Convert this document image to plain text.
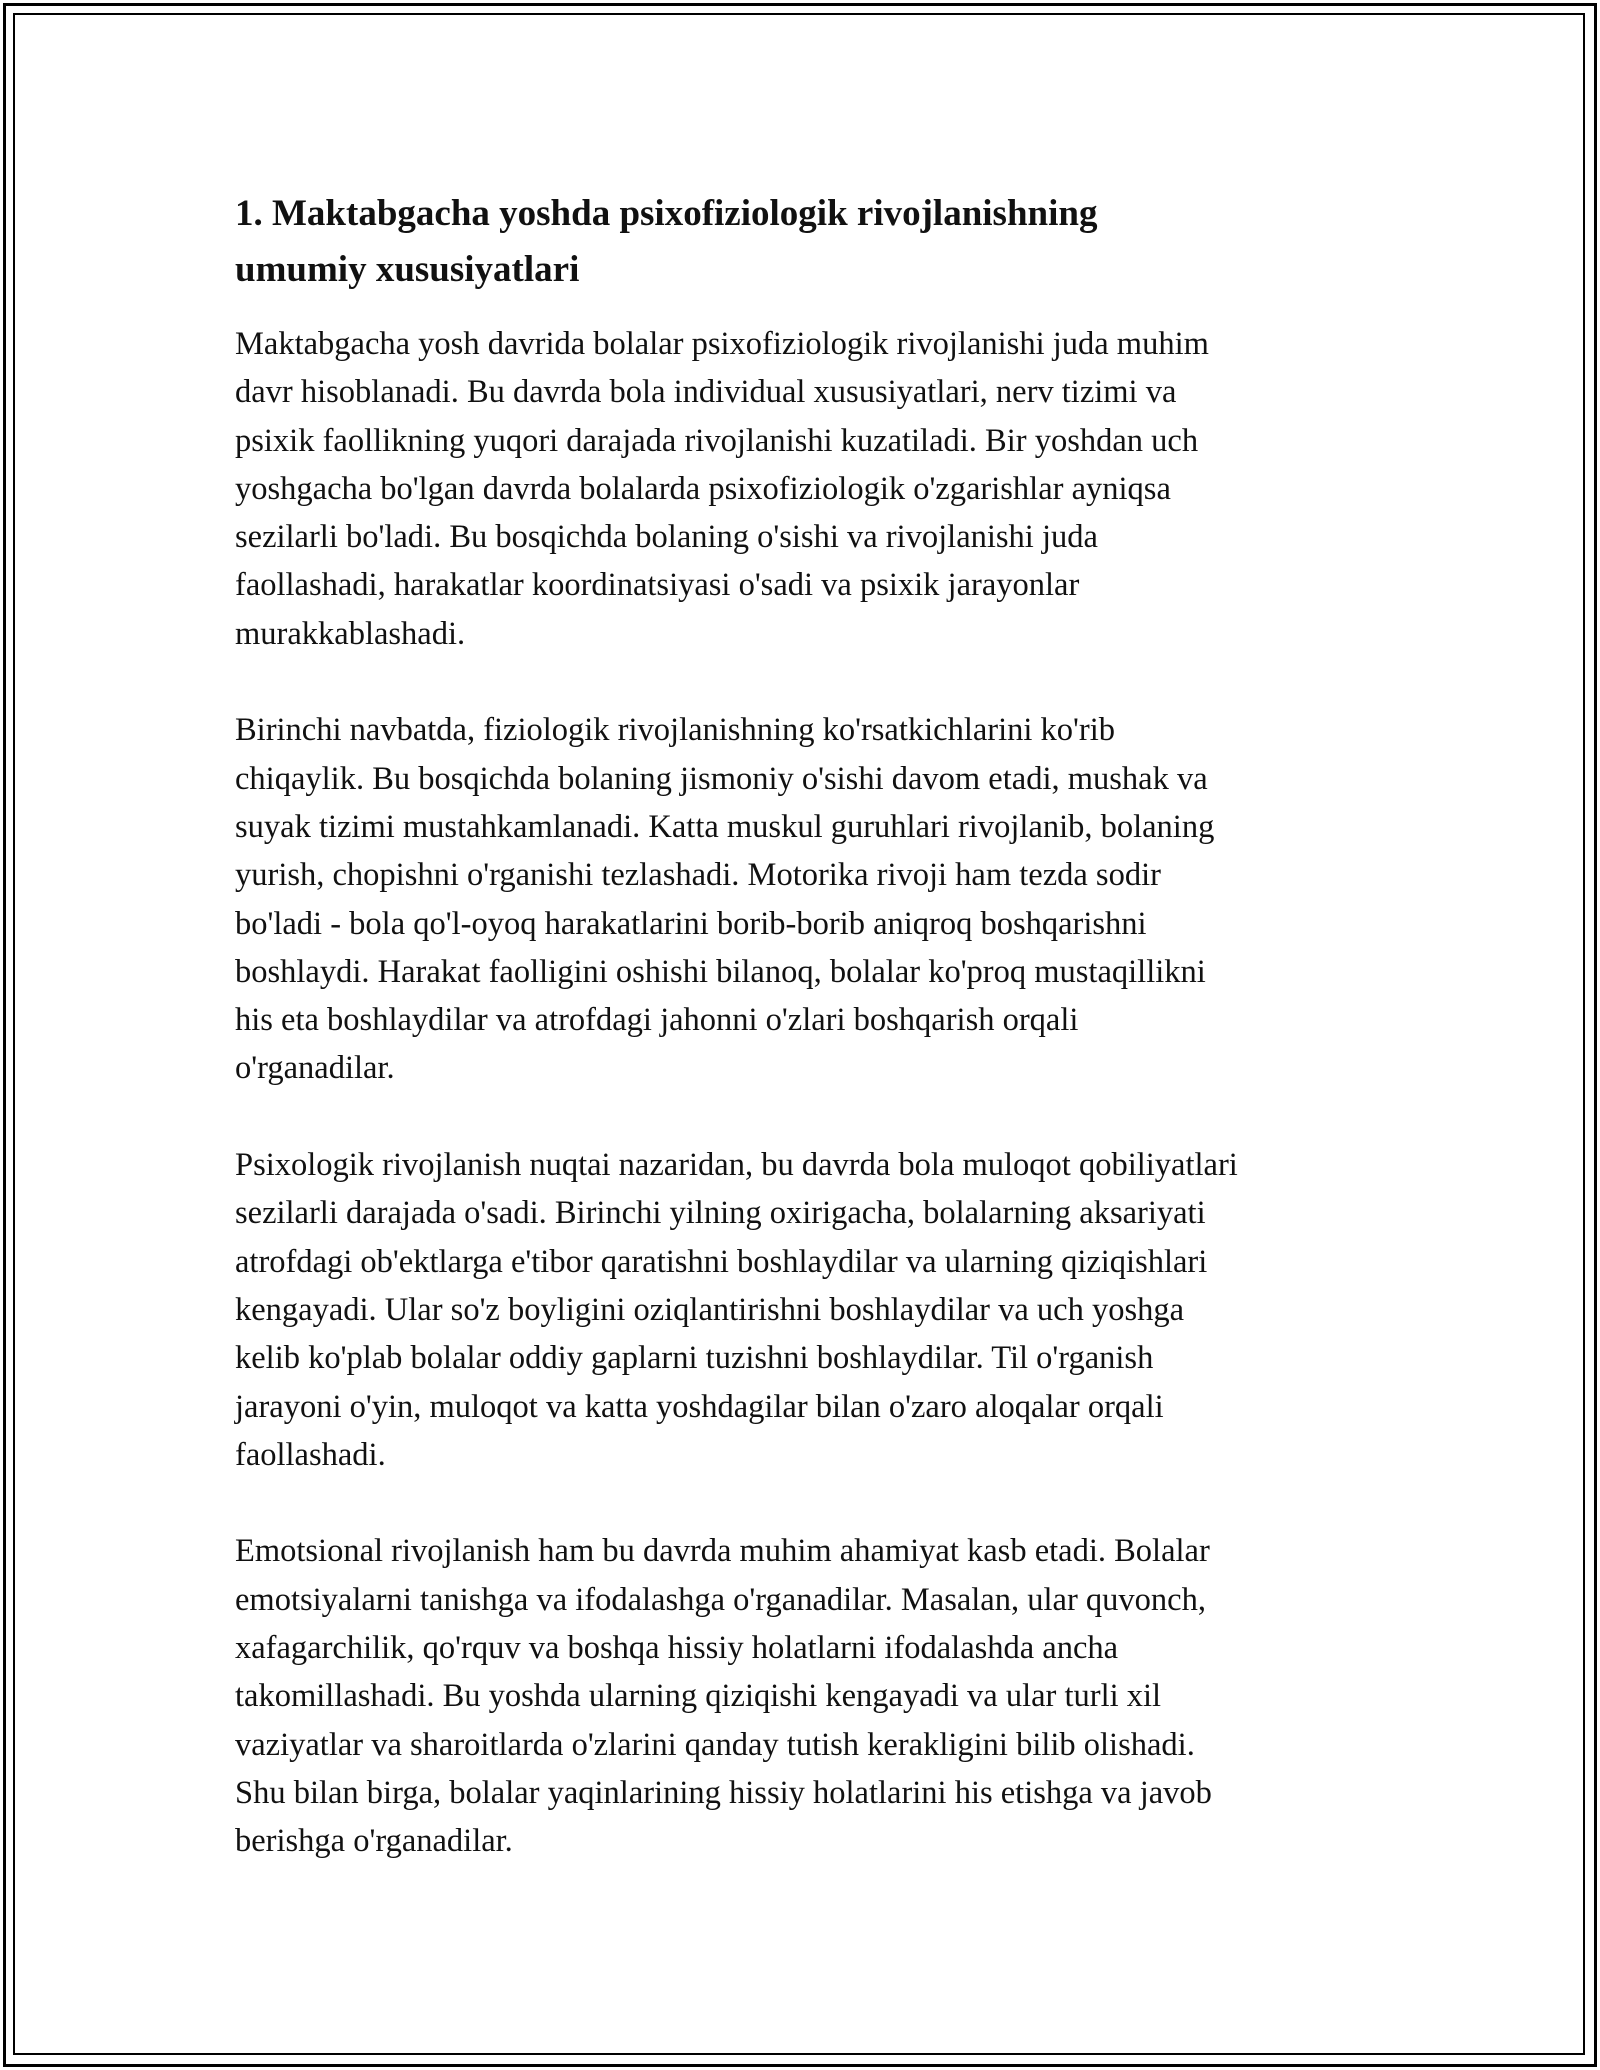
1. Maktabgacha yoshda psixofiziologik rivojlanishning
umumiy xususiyatlari
Maktabgacha yosh davrida bolalar psixofiziologik rivojlanishi juda muhim
davr hisoblanadi. Bu davrda bola individual xususiyatlari, nerv tizimi va
psixik faollikning yuqori darajada rivojlanishi kuzatiladi. Bir yoshdan uch
yoshgacha bo'lgan davrda bolalarda psixofiziologik o'zgarishlar ayniqsa
sezilarli bo'ladi. Bu bosqichda bolaning o'sishi va rivojlanishi juda
faollashadi, harakatlar koordinatsiyasi o'sadi va psixik jarayonlar
murakkablashadi.
Birinchi navbatda, fiziologik rivojlanishning ko'rsatkichlarini ko'rib
chiqaylik. Bu bosqichda bolaning jismoniy o'sishi davom etadi, mushak va
suyak tizimi mustahkamlanadi. Katta muskul guruhlari rivojlanib, bolaning
yurish, chopishni o'rganishi tezlashadi. Motorika rivoji ham tezda sodir
bo'ladi - bola qo'l-oyoq harakatlarini borib-borib aniqroq boshqarishni
boshlaydi. Harakat faolligini oshishi bilanoq, bolalar ko'proq mustaqillikni
his eta boshlaydilar va atrofdagi jahonni o'zlari boshqarish orqali
o'rganadilar.
Psixologik rivojlanish nuqtai nazaridan, bu davrda bola muloqot qobiliyatlari
sezilarli darajada o'sadi. Birinchi yilning oxirigacha, bolalarning aksariyati
atrofdagi ob'ektlarga e'tibor qaratishni boshlaydilar va ularning qiziqishlari
kengayadi. Ular so'z boyligini oziqlantirishni boshlaydilar va uch yoshga
kelib ko'plab bolalar oddiy gaplarni tuzishni boshlaydilar. Til o'rganish
jarayoni o'yin, muloqot va katta yoshdagilar bilan o'zaro aloqalar orqali
faollashadi.
Emotsional rivojlanish ham bu davrda muhim ahamiyat kasb etadi. Bolalar
emotsiyalarni tanishga va ifodalashga o'rganadilar. Masalan, ular quvonch,
xafagarchilik, qo'rquv va boshqa hissiy holatlarni ifodalashda ancha
takomillashadi. Bu yoshda ularning qiziqishi kengayadi va ular turli xil
vaziyatlar va sharoitlarda o'zlarini qanday tutish kerakligini bilib olishadi.
Shu bilan birga, bolalar yaqinlarining hissiy holatlarini his etishga va javob
berishga o'rganadilar.
